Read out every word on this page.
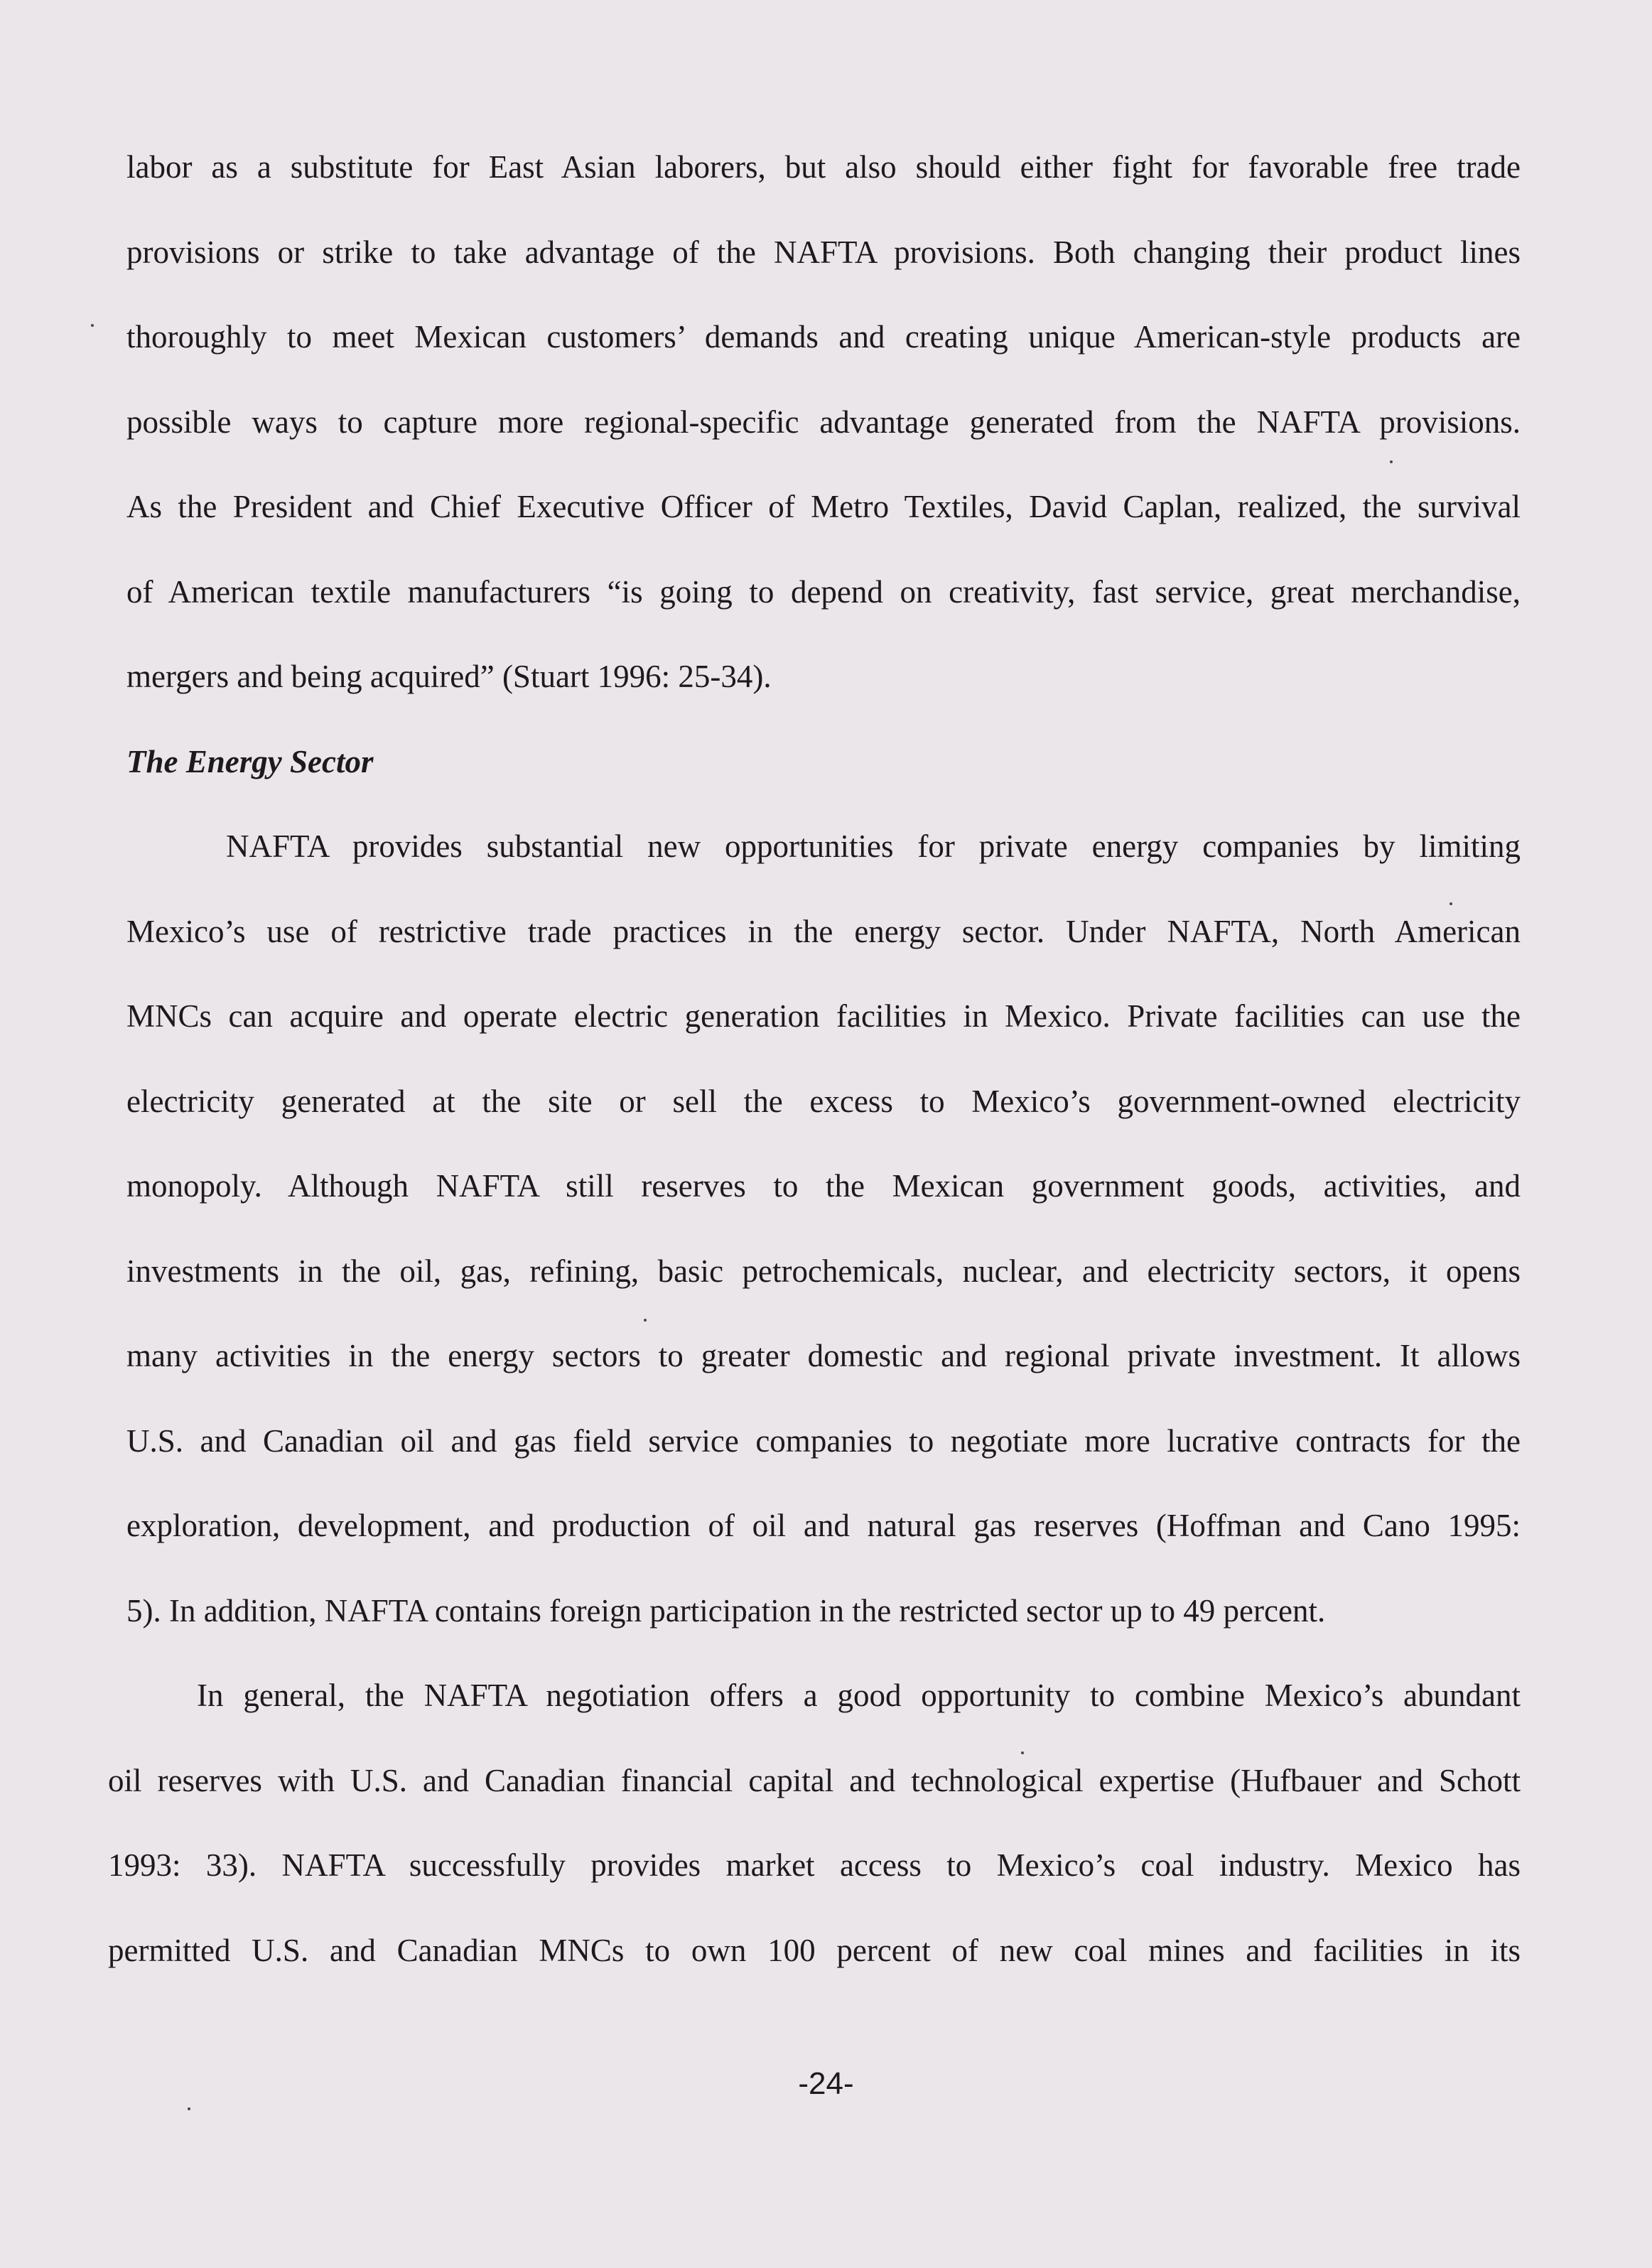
labor as a substitute for East Asian laborers, but also should either fight for favorable free trade
provisions or strike to take advantage of the NAFTA provisions. Both changing their product lines
thoroughly to meet Mexican customers’ demands and creating unique American-style products are
possible ways to capture more regional-specific advantage generated from the NAFTA provisions.
As the President and Chief Executive Officer of Metro Textiles, David Caplan, realized, the survival
of American textile manufacturers “is going to depend on creativity, fast service, great merchandise,
mergers and being acquired” (Stuart 1996: 25-34).
The Energy Sector
NAFTA provides substantial new opportunities for private energy companies by limiting
Mexico’s use of restrictive trade practices in the energy sector. Under NAFTA, North American
MNCs can acquire and operate electric generation facilities in Mexico. Private facilities can use the
electricity generated at the site or sell the excess to Mexico’s government-owned electricity
monopoly. Although NAFTA still reserves to the Mexican government goods, activities, and
investments in the oil, gas, refining, basic petrochemicals, nuclear, and electricity sectors, it opens
many activities in the energy sectors to greater domestic and regional private investment. It allows
U.S. and Canadian oil and gas field service companies to negotiate more lucrative contracts for the
exploration, development, and production of oil and natural gas reserves (Hoffman and Cano 1995:
5). In addition, NAFTA contains foreign participation in the restricted sector up to 49 percent.
In general, the NAFTA negotiation offers a good opportunity to combine Mexico’s abundant
oil reserves with U.S. and Canadian financial capital and technological expertise (Hufbauer and Schott
1993: 33). NAFTA successfully provides market access to Mexico’s coal industry. Mexico has
permitted U.S. and Canadian MNCs to own 100 percent of new coal mines and facilities in its
-24-
